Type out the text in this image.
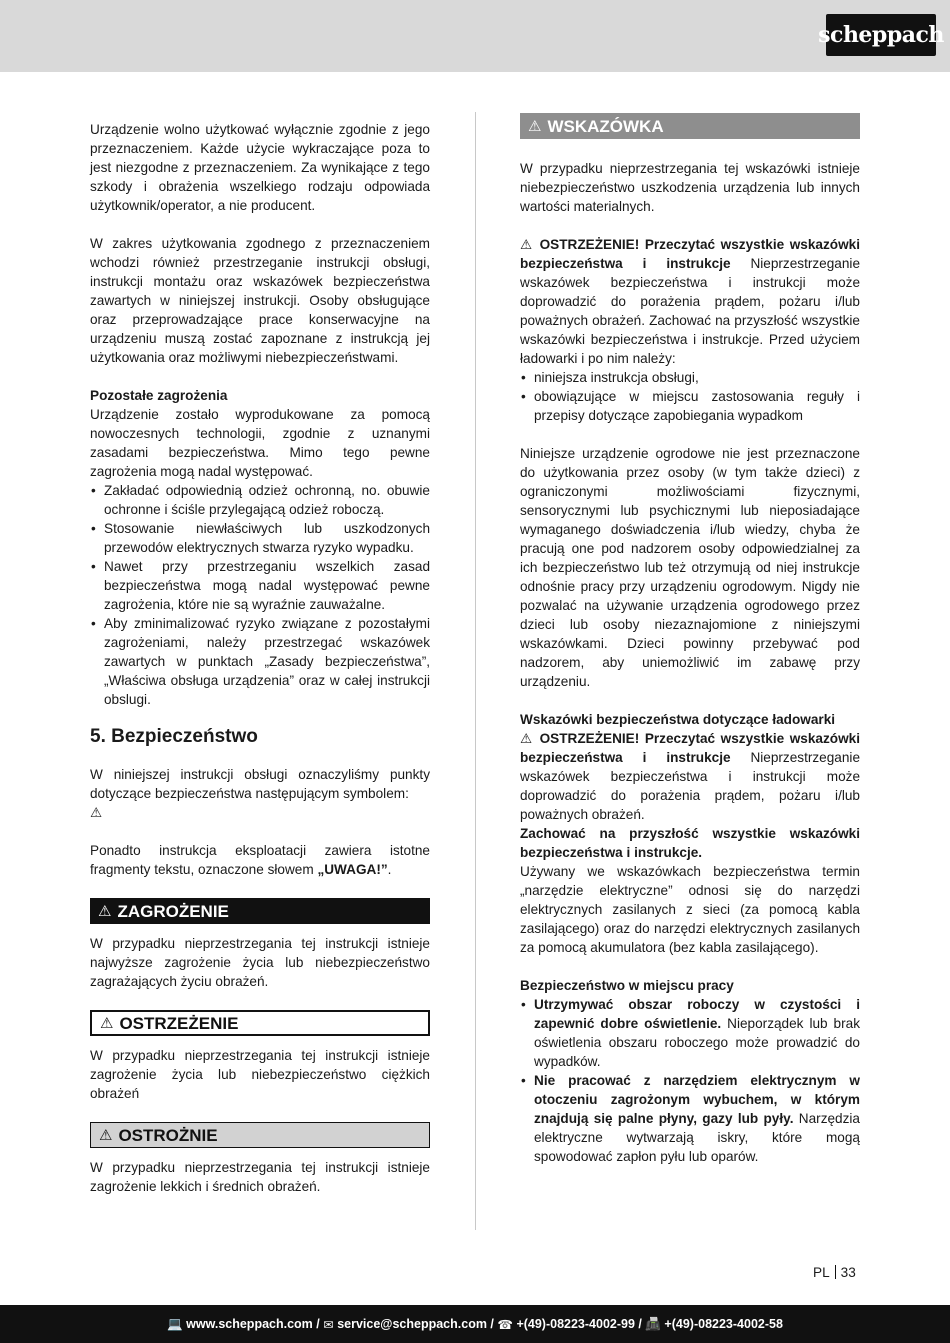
scheppach

Urządzenie wolno użytkować wyłącznie zgodnie z jego przeznaczeniem. Każde użycie wykraczające poza to jest niezgodne z przeznaczeniem. Za wynikające z tego szkody i obrażenia wszelkiego rodzaju odpowiada użytkownik/operator, a nie producent.

W zakres użytkowania zgodnego z przeznaczeniem wchodzi również przestrzeganie instrukcji obsługi, instrukcji montażu oraz wskazówek bezpieczeństwa zawartych w niniejszej instrukcji. Osoby obsługujące oraz przeprowadzające prace konserwacyjne na urządzeniu muszą zostać zapoznane z instrukcją jej użytkowania oraz możliwymi niebezpieczeństwami.

Pozostałe zagrożenia

Urządzenie zostało wyprodukowane za pomocą nowoczesnych technologii, zgodnie z uznanymi zasadami bezpieczeństwa. Mimo tego pewne zagrożenia mogą nadal występować.

• Zakładać odpowiednią odzież ochronną, no. obuwie ochronne i ściśle przylegającą odzież roboczą.
• Stosowanie niewłaściwych lub uszkodzonych przewodów elektrycznych stwarza ryzyko wypadku.
• Nawet przy przestrzeganiu wszelkich zasad bezpieczeństwa mogą nadal występować pewne zagrożenia, które nie są wyraźnie zauważalne.
• Aby zminimalizować ryzyko związane z pozostałymi zagrożeniami, należy przestrzegać wskazówek zawartych w punktach „Zasady bezpieczeństwa”, „Właściwa obsługa urządzenia” oraz w całej instrukcji obslugi.

5. Bezpieczeństwo

W niniejszej instrukcji obsługi oznaczyliśmy punkty dotyczące bezpieczeństwa następującym symbolem:

⚠

Ponadto instrukcja eksploatacji zawiera istotne fragmenty tekstu, oznaczone słowem „UWAGA!”.

⚠ ZAGROŻENIE

W przypadku nieprzestrzegania tej instrukcji istnieje najwyższe zagrożenie życia lub niebezpieczeństwo zagrażających życiu obrażeń.

⚠ OSTRZEŻENIE

W przypadku nieprzestrzegania tej instrukcji istnieje zagrożenie życia lub niebezpieczeństwo ciężkich obrażeń

⚠ OSTROŻNIE

W przypadku nieprzestrzegania tej instrukcji istnieje zagrożenie lekkich i średnich obrażeń.

⚠ WSKAZÓWKA

W przypadku nieprzestrzegania tej wskazówki istnieje niebezpieczeństwo uszkodzenia urządzenia lub innych wartości materialnych.

⚠ OSTRZEŻENIE! Przeczytać wszystkie wskazówki bezpieczeństwa i instrukcje Nieprzestrzeganie wskazówek bezpieczeństwa i instrukcji może doprowadzić do porażenia prądem, pożaru i/lub poważnych obrażeń. Zachować na przyszłość wszystkie wskazówki bezpieczeństwa i instrukcje. Przed użyciem ładowarki i po nim należy:

• niniejsza instrukcja obsługi,
• obowiązujące w miejscu zastosowania reguły i przepisy dotyczące zapobiegania wypadkom

Niniejsze urządzenie ogrodowe nie jest przeznaczone do użytkowania przez osoby (w tym także dzieci) z ograniczonymi możliwościami fizycznymi, sensorycznymi lub psychicznymi lub nieposiadające wymaganego doświadczenia i/lub wiedzy, chyba że pracują one pod nadzorem osoby odpowiedzialnej za ich bezpieczeństwo lub też otrzymują od niej instrukcje odnośnie pracy przy urządzeniu ogrodowym. Nigdy nie pozwalać na używanie urządzenia ogrodowego przez dzieci lub osoby niezaznajomione z niniejszymi wskazówkami. Dzieci powinny przebywać pod nadzorem, aby uniemożliwić im zabawę przy urządzeniu.

Wskazówki bezpieczeństwa dotyczące ładowarki

⚠ OSTRZEŻENIE! Przeczytać wszystkie wskazówki bezpieczeństwa i instrukcje Nieprzestrzeganie wskazówek bezpieczeństwa i instrukcji może doprowadzić do porażenia prądem, pożaru i/lub poważnych obrażeń.

Zachować na przyszłość wszystkie wskazówki bezpieczeństwa i instrukcje.

Używany we wskazówkach bezpieczeństwa termin „narzędzie elektryczne” odnosi się do narzędzi elektrycznych zasilanych z sieci (za pomocą kabla zasilającego) oraz do narzędzi elektrycznych zasilanych za pomocą akumulatora (bez kabla zasilającego).

Bezpieczeństwo w miejscu pracy

• Utrzymywać obszar roboczy w czystości i zapewnić dobre oświetlenie. Nieporządek lub brak oświetlenia obszaru roboczego może prowadzić do wypadków.
• Nie pracować z narzędziem elektrycznym w otoczeniu zagrożonym wybuchem, w którym znajdują się palne płyny, gazy lub pyły. Narzędzia elektryczne wytwarzają iskry, które mogą spowodować zapłon pyłu lub oparów.
PL 33
💻
www.scheppach.com / ✉
service@scheppach.com / ☎
+(49)-08223-4002-99 / 📠
+(49)-08223-4002-58
